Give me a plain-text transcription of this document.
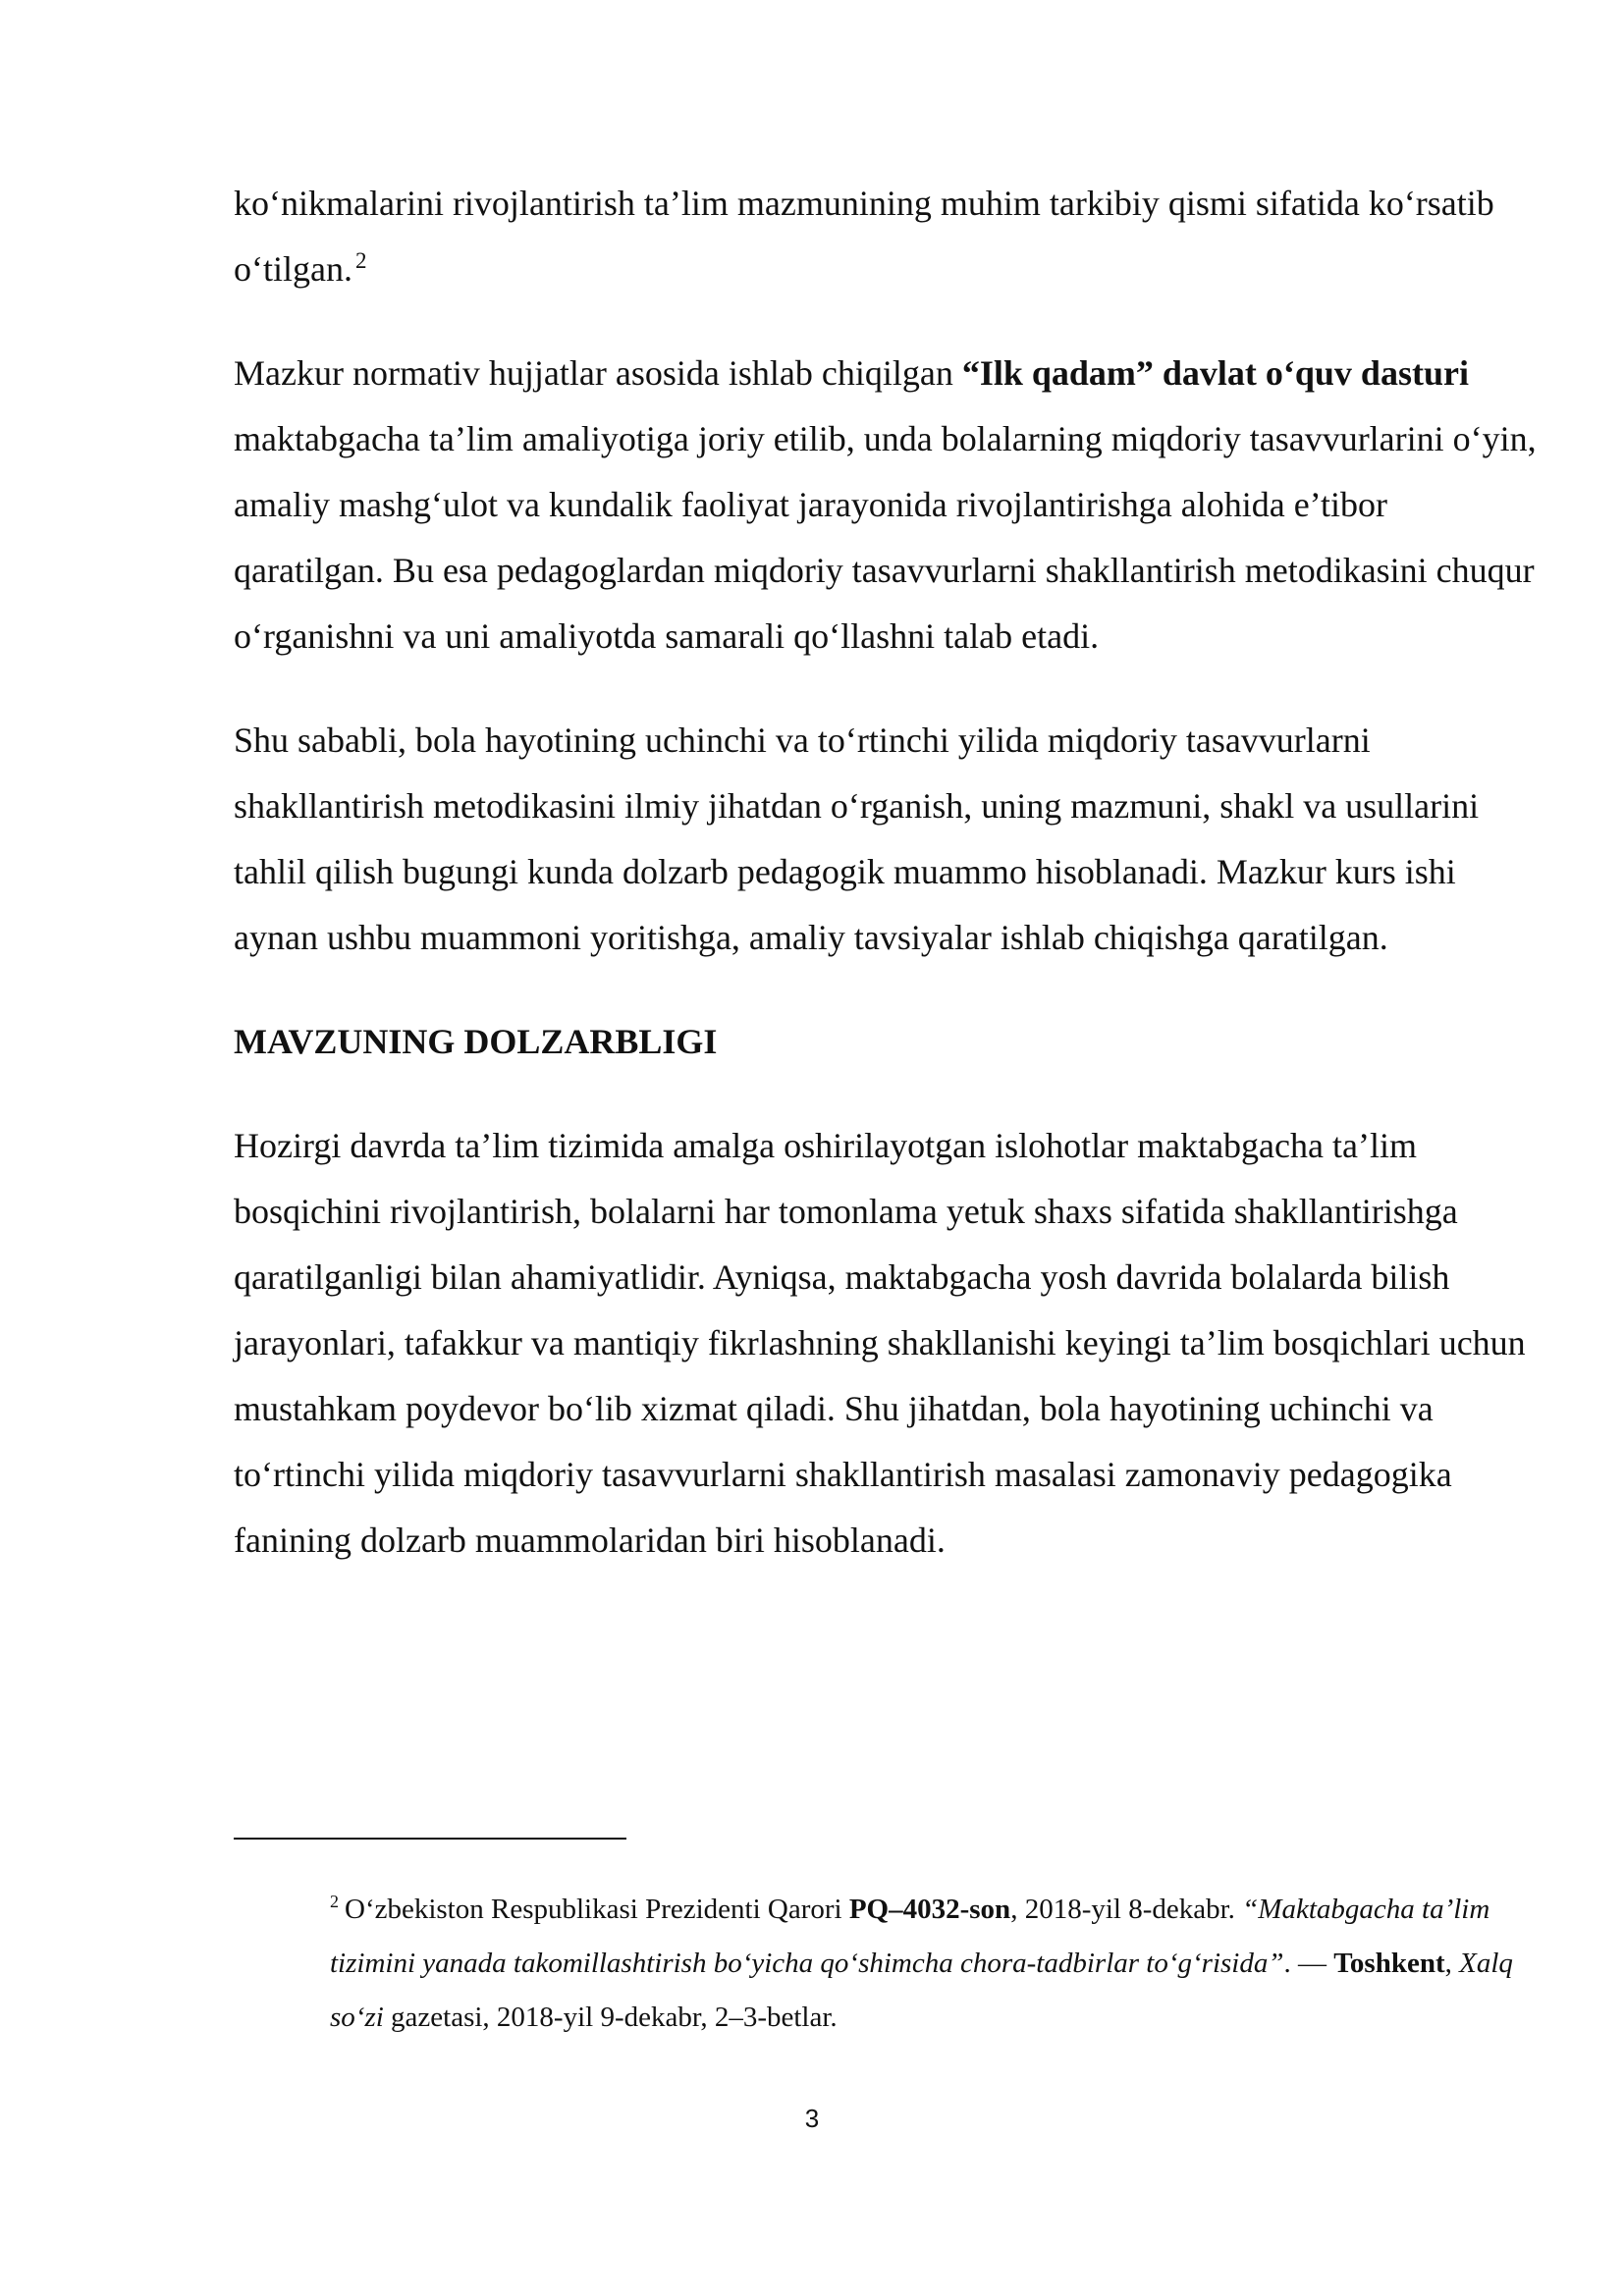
ko‘nikmalarini rivojlantirish ta’lim mazmunining muhim tarkibiy qismi sifatida ko‘rsatib o‘tilgan. $^2$

Mazkur normativ hujjatlar asosida ishlab chiqilgan “Ilk qadam” davlat o‘quv dasturi maktabgacha ta’lim amaliyotiga joriy etilib, unda bolalarning miqdoriy tasavvurlarini o‘yin, amaliy mashg‘ulot va kundalik faoliyat jarayonida rivojlantirishga alohida e’tibor qaratilgan. Bu esa pedagoglardan miqdoriy tasavvurlarni shakllantirish metodikasini chuqur o‘rganishni va uni amaliyotda samarali qo‘llashni talab etadi.

Shu sababli, bola hayotining uchinchi va to‘rtinchi yilida miqdoriy tasavvurlarni shakllantirish metodikasini ilmiy jihatdan o‘rganish, uning mazmuni, shakl va usullarini tahlil qilish bugungi kunda dolzarb pedagogik muammo hisoblanadi. Mazkur kurs ishi aynan ushbu muammoni yoritishga, amaliy tavsiyalar ishlab chiqishga qaratilgan.

MAVZUNING DOLZARBLIGI

Hozirgi davrda ta’lim tizimida amalga oshirilayotgan islohotlar maktabgacha ta’lim bosqichini rivojlantirish, bolalarni har tomonlama yetuk shaxs sifatida shakllantirishga qaratilganligi bilan ahamiyatlidir. Ayniqsa, maktabgacha yosh davrida bolalarda bilish jarayonlari, tafakkur va mantiqiy fikrlashning shakllanishi keyingi ta’lim bosqichlari uchun mustahkam poydevor bo‘lib xizmat qiladi. Shu jihatdan, bola hayotining uchinchi va to‘rtinchi yilida miqdoriy tasavvurlarni shakllantirish masalasi zamonaviy pedagogika fanining dolzarb muammolaridan biri hisoblanadi.

$^2$ O‘zbekiston Respublikasi Prezidenti Qarori PQ–4032-son, 2018-yil 8-dekabr. “Maktabgacha ta’lim tizimini yanada takomillashtirish bo‘yicha qo‘shimcha chora-tadbirlar to‘g‘risida”. — Toshkent, Xalq so‘zi gazetasi, 2018-yil 9-dekabr, 2–3-betlar.
3
